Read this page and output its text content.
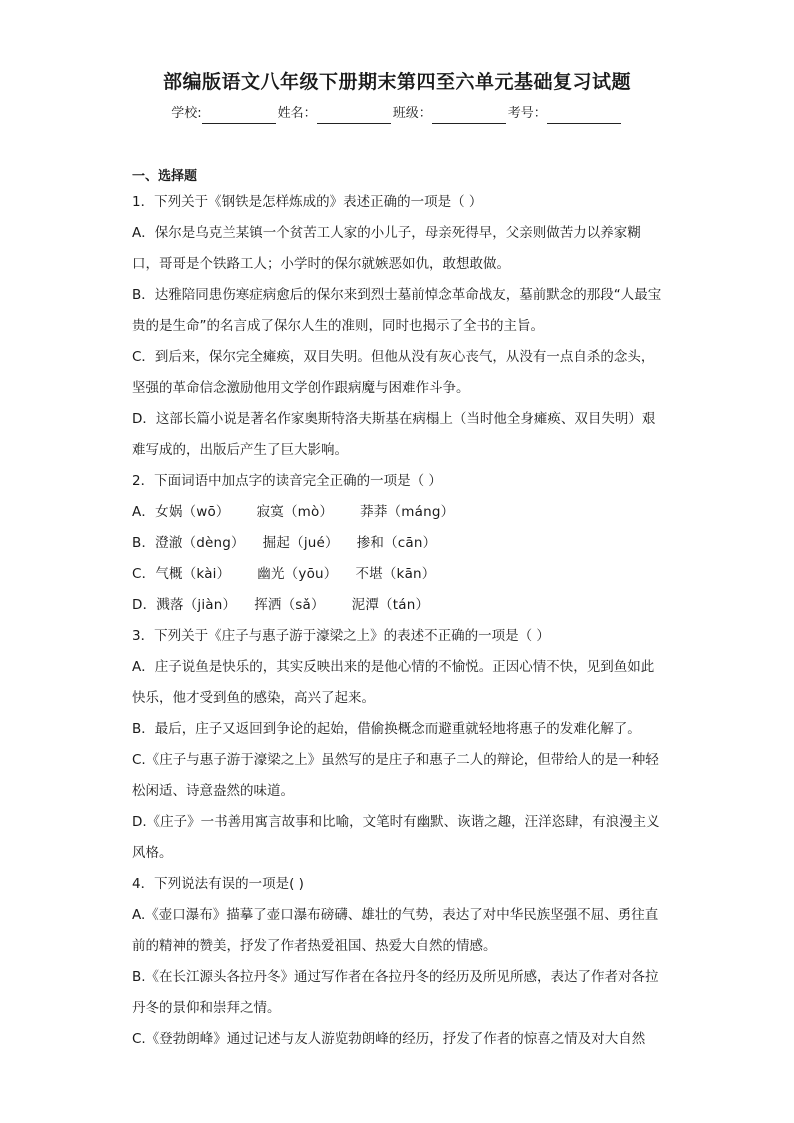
部编版语文八年级下册期末第四至六单元基础复习试题
学校:	姓名：	班级：	考号：
一、选择题

1．下列关于《钢铁是怎样炼成的》表述正确的一项是（ ）

A．保尔是乌克兰某镇一个贫苦工人家的小儿子，母亲死得早，父亲则做苦力以养家糊口，哥哥是个铁路工人；小学时的保尔就嫉恶如仇，敢想敢做。

B．达雅陪同患伤寒症病愈后的保尔来到烈士墓前悼念革命战友，墓前默念的那段“人最宝贵的是生命”的名言成了保尔人生的准则，同时也揭示了全书的主旨。

C．到后来，保尔完全瘫痪，双目失明。但他从没有灰心丧气，从没有一点自杀的念头，坚强的革命信念激励他用文学创作跟病魔与困难作斗争。

D．这部长篇小说是著名作家奥斯特洛夫斯基在病榻上（当时他全身瘫痪、双目失明）艰难写成的，出版后产生了巨大影响。

2．下面词语中加点字的读音完全正确的一项是（ ）

A．女娲（wō）      寂寞（mò）      莽莽（máng）

B．澄澈（dèng）    掘起（jué）    掺和（cān）

C．气概（kài）      幽光（yōu）    不堪（kān）

D．溅落（jiàn）    挥洒（sǎ）      泥潭（tán）

3．下列关于《庄子与惠子游于濠梁之上》的表述不正确的一项是（ ）

A．庄子说鱼是快乐的，其实反映出来的是他心情的不愉悦。正因心情不快，见到鱼如此快乐，他才受到鱼的感染，高兴了起来。

B．最后，庄子又返回到争论的起始，借偷换概念而避重就轻地将惠子的发难化解了。

C.《庄子与惠子游于濠梁之上》虽然写的是庄子和惠子二人的辩论，但带给人的是一种轻松闲适、诗意盎然的味道。

D.《庄子》一书善用寓言故事和比喻，文笔时有幽默、诙谐之趣，汪洋恣肆，有浪漫主义风格。

4．下列说法有误的一项是( )

A.《壶口瀑布》描摹了壶口瀑布磅礴、雄壮的气势，表达了对中华民族坚强不屈、勇往直前的精神的赞美，抒发了作者热爱祖国、热爱大自然的情感。

B.《在长江源头各拉丹冬》通过写作者在各拉丹冬的经历及所见所感，表达了作者对各拉丹冬的景仰和崇拜之情。

C.《登勃朗峰》通过记述与友人游览勃朗峰的经历，抒发了作者的惊喜之情及对大自然
